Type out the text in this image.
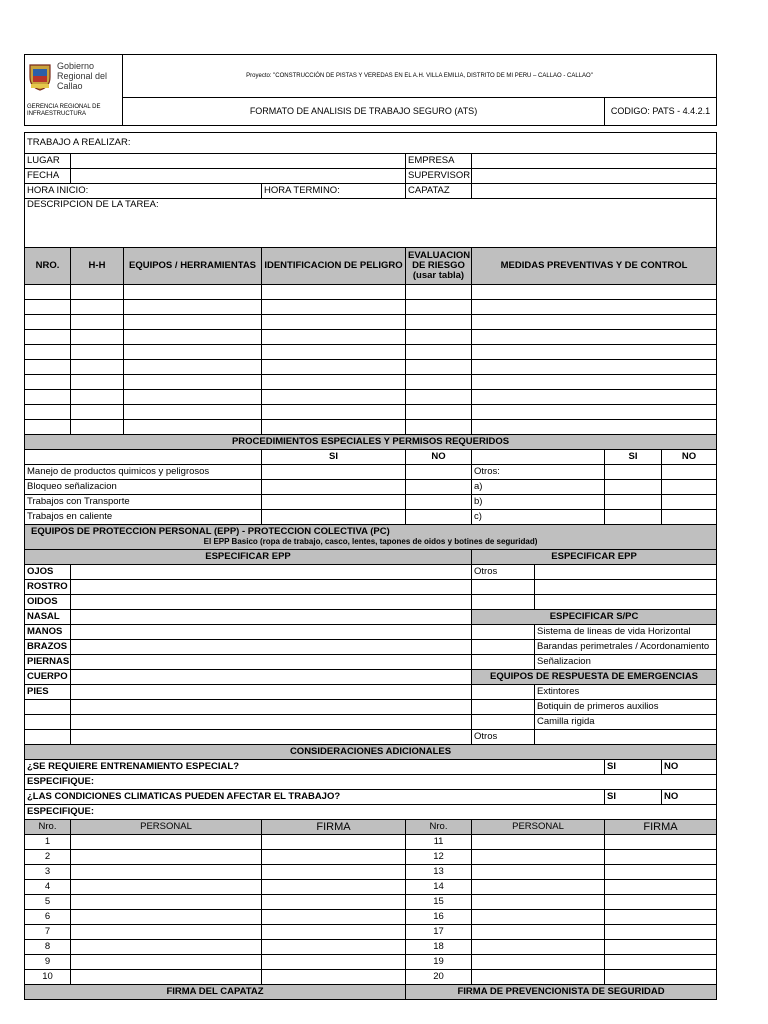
Gobierno Regional del Callao	Proyecto: "CONSTRUCCIÓN DE PISTAS Y VEREDAS EN EL A.H. VILLA EMILIA, DISTRITO DE MI PERU – CALLAO - CALLAO"	
GERENCIA REGIONAL DE INFRAESTRUCTURA	FORMATO DE ANALISIS DE TRABAJO SEGURO (ATS)	CODIGO: PATS - 4.4.2.1
TRABAJO A REALIZAR:								
LUGAR				EMPRESA				
FECHA				SUPERVISOR				
HORA INICIO:			HORA TERMINO:	CAPATAZ				
DESCRIPCION DE LA TAREA:								
NRO.	H-H	EQUIPOS / HERRAMIENTAS	IDENTIFICACION DE PELIGRO	EVALUACION DE RIESGO (usar tabla)	MEDIDAS PREVENTIVAS Y DE CONTROL			

PROCEDIMIENTOS ESPECIALES Y PERMISOS REQUERIDOS								
			SI	NO			SI	NO
Manejo de productos quimicos y peligrosos					Otros:			
Bloqueo señalizacion					a)			
Trabajos con Transporte					b)			
Trabajos en caliente					c)			

EQUIPOS DE PROTECCION PERSONAL (EPP) - PROTECCION COLECTIVA (PC)
El EPP Basico (ropa de trabajo, casco, lentes, tapones de oidos y botines de seguridad)								

ESPECIFICAR EPP					ESPECIFICAR EPP			
OJOS					Otros			
ROSTRO								
OIDOS								
NASAL					ESPECIFICAR S/PC			
MANOS						Sistema de lineas de vida Horizontal		
BRAZOS						Barandas perimetrales / Acordonamiento		
PIERNAS						Señalizacion		
CUERPO					EQUIPOS DE RESPUESTA DE EMERGENCIAS			
PIES						Extintores		
						Botiquin de primeros auxilios		
						Camilla rigida		
					Otros			
CONSIDERACIONES ADICIONALES								
¿SE REQUIERE ENTRENAMIENTO ESPECIAL?							SI	NO
ESPECIFIQUE:								
¿LAS CONDICIONES CLIMATICAS PUEDEN AFECTAR EL TRABAJO?							SI	NO
ESPECIFIQUE:								
Nro.	PERSONAL		FIRMA	Nro.	PERSONAL		FIRMA	
1				11				
2				12				
3				13				
4				14				
5				15				
6				16				
7				17				
8				18				
9				19				
10				20				
FIRMA DEL CAPATAZ				FIRMA DE PREVENCIONISTA DE SEGURIDAD				
